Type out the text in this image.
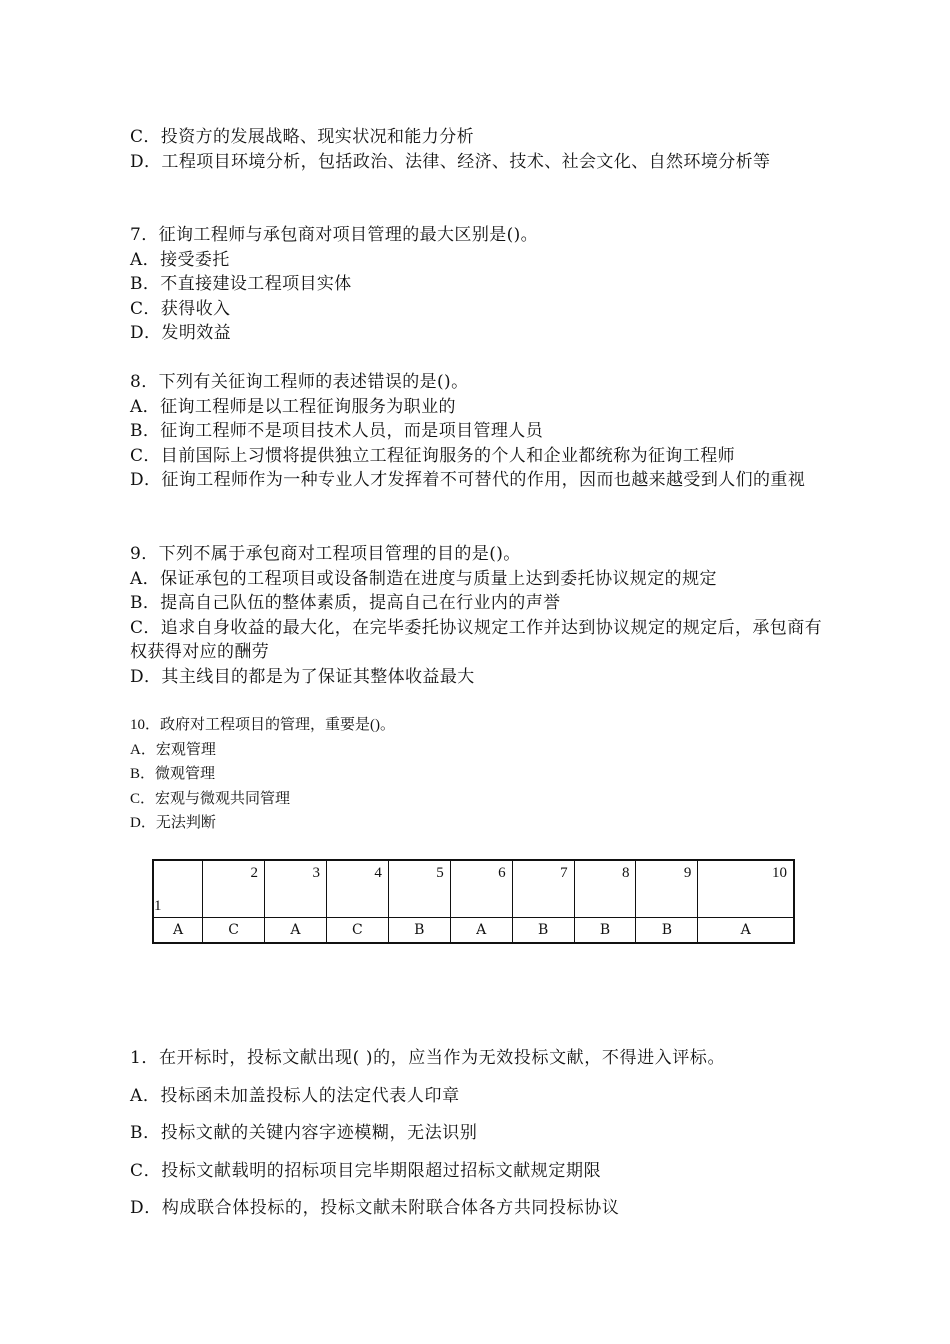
C．投资方的发展战略、现实状况和能力分析
D．工程项目环境分析，包括政治、法律、经济、技术、社会文化、自然环境分析等
7．征询工程师与承包商对项目管理的最大区别是()。
A．接受委托
B．不直接建设工程项目实体
C．获得收入
D．发明效益
8．下列有关征询工程师的表述错误的是()。
A．征询工程师是以工程征询服务为职业的
B．征询工程师不是项目技术人员，而是项目管理人员
C．目前国际上习惯将提供独立工程征询服务的个人和企业都统称为征询工程师
D．征询工程师作为一种专业人才发挥着不可替代的作用，因而也越来越受到人们的重视
9．下列不属于承包商对工程项目管理的目的是()。
A．保证承包的工程项目或设备制造在进度与质量上达到委托协议规定的规定
B．提高自己队伍的整体素质，提高自己在行业内的声誉
C．追求自身收益的最大化，在完毕委托协议规定工作并达到协议规定的规定后，承包商有权获得对应的酬劳
D．其主线目的都是为了保证其整体收益最大
10．政府对工程项目的管理，重要是()。
A．宏观管理
B．微观管理
C．宏观与微观共同管理
D．无法判断
1	2	3	4	5	6	7	8	9	10
A	C	A	C	B	A	B	B	B	A
1．在开标时，投标文献出现( )的，应当作为无效投标文献，不得进入评标。
A．投标函未加盖投标人的法定代表人印章
B．投标文献的关键内容字迹模糊，无法识别
C．投标文献载明的招标项目完毕期限超过招标文献规定期限
D．构成联合体投标的，投标文献未附联合体各方共同投标协议
